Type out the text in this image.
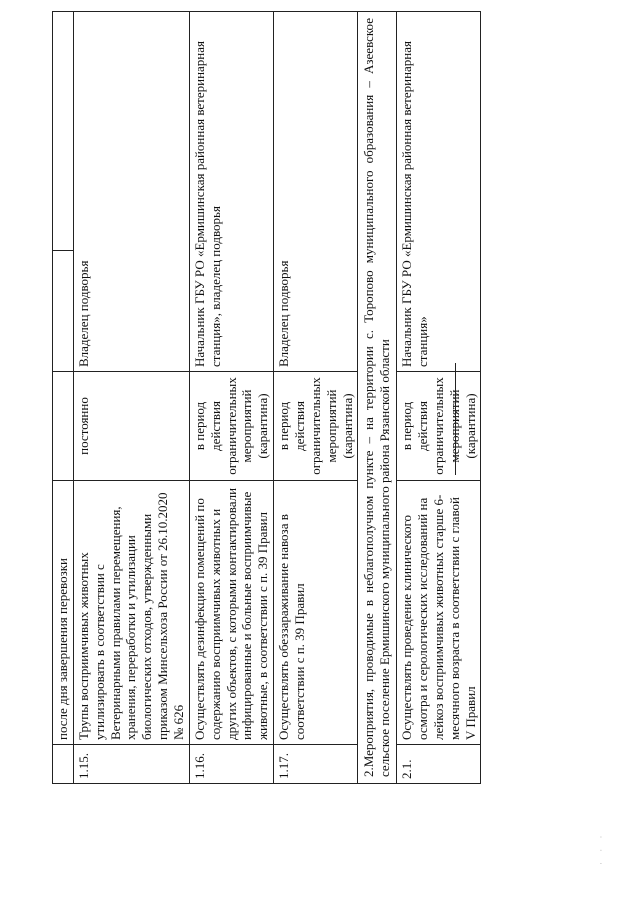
	после дня завершения перевозки			
1.15.	Трупы восприимчивых животных утилизировать в соответствии с Ветеринарными правилами перемещения, хранения, переработки и утилизации биологических отходов, утвержденными приказом Минсельхоза России от 26.10.2020 № 626	постоянно	Владелец подворья	
1.16.	Осуществлять дезинфекцию помещений по содержанию восприимчивых животных и других объектов, с которыми контактировали инфицированные и больные восприимчивые животные, в соответствии с п. 39 Правил	в период действия ограничительных мероприятий (карантина)	Начальник ГБУ РО «Ермишинская районная ветеринарная станция», владелец подворья	
1.17.	Осуществлять обеззараживание навоза в соответствии с п. 39 Правил	в период действия ограничительных мероприятий (карантина)	Владелец подворья	
2.Мероприятия, проводимые в неблагополучном пункте – на территории с. Торопово муниципального образования – Азеевское сельское поселение Ермишинского муниципального района Рязанской области				
2.1.	Осуществлять проведение клинического осмотра и серологических исследований на лейкоз восприимчивых животных старше 6-месячного возраста в соответствии с главой V Правил	в период действия ограничительных мероприятий (карантина)	Начальник ГБУ РО «Ермишинская районная ветеринарная станция»	
· · ·
